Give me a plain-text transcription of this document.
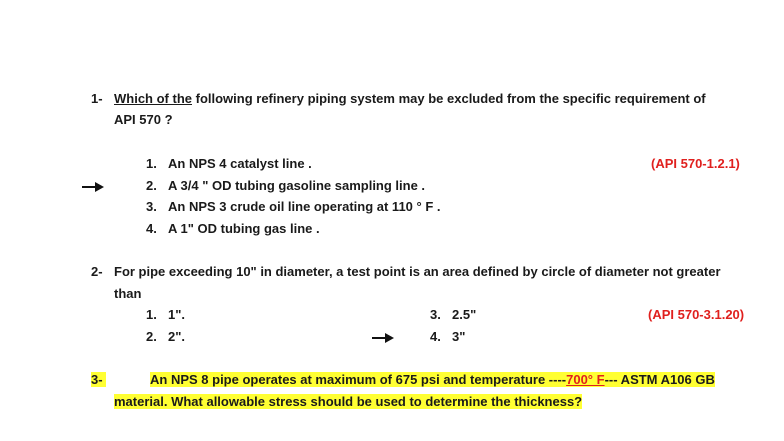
1- Which of the following refinery piping system may be excluded from the specific requirement of
API 570 ?
(API 570-1.2.1)
1. An NPS 4 catalyst line .
2. A 3/4 " OD tubing gasoline sampling line .
3. An NPS 3 crude oil line operating at 110 ° F .
4. A 1" OD tubing gas line .
2- For pipe exceeding 10" in diameter, a test point is an area defined by circle of diameter not greater
than
1. 1".	3. 2.5"	(API 570-3.1.20)
2. 2".	4. 3"
3-	An NPS 8 pipe operates at maximum of 675 psi and temperature ----700° F--- ASTM A106 GB
material. What allowable stress should be used to determine the thickness?
